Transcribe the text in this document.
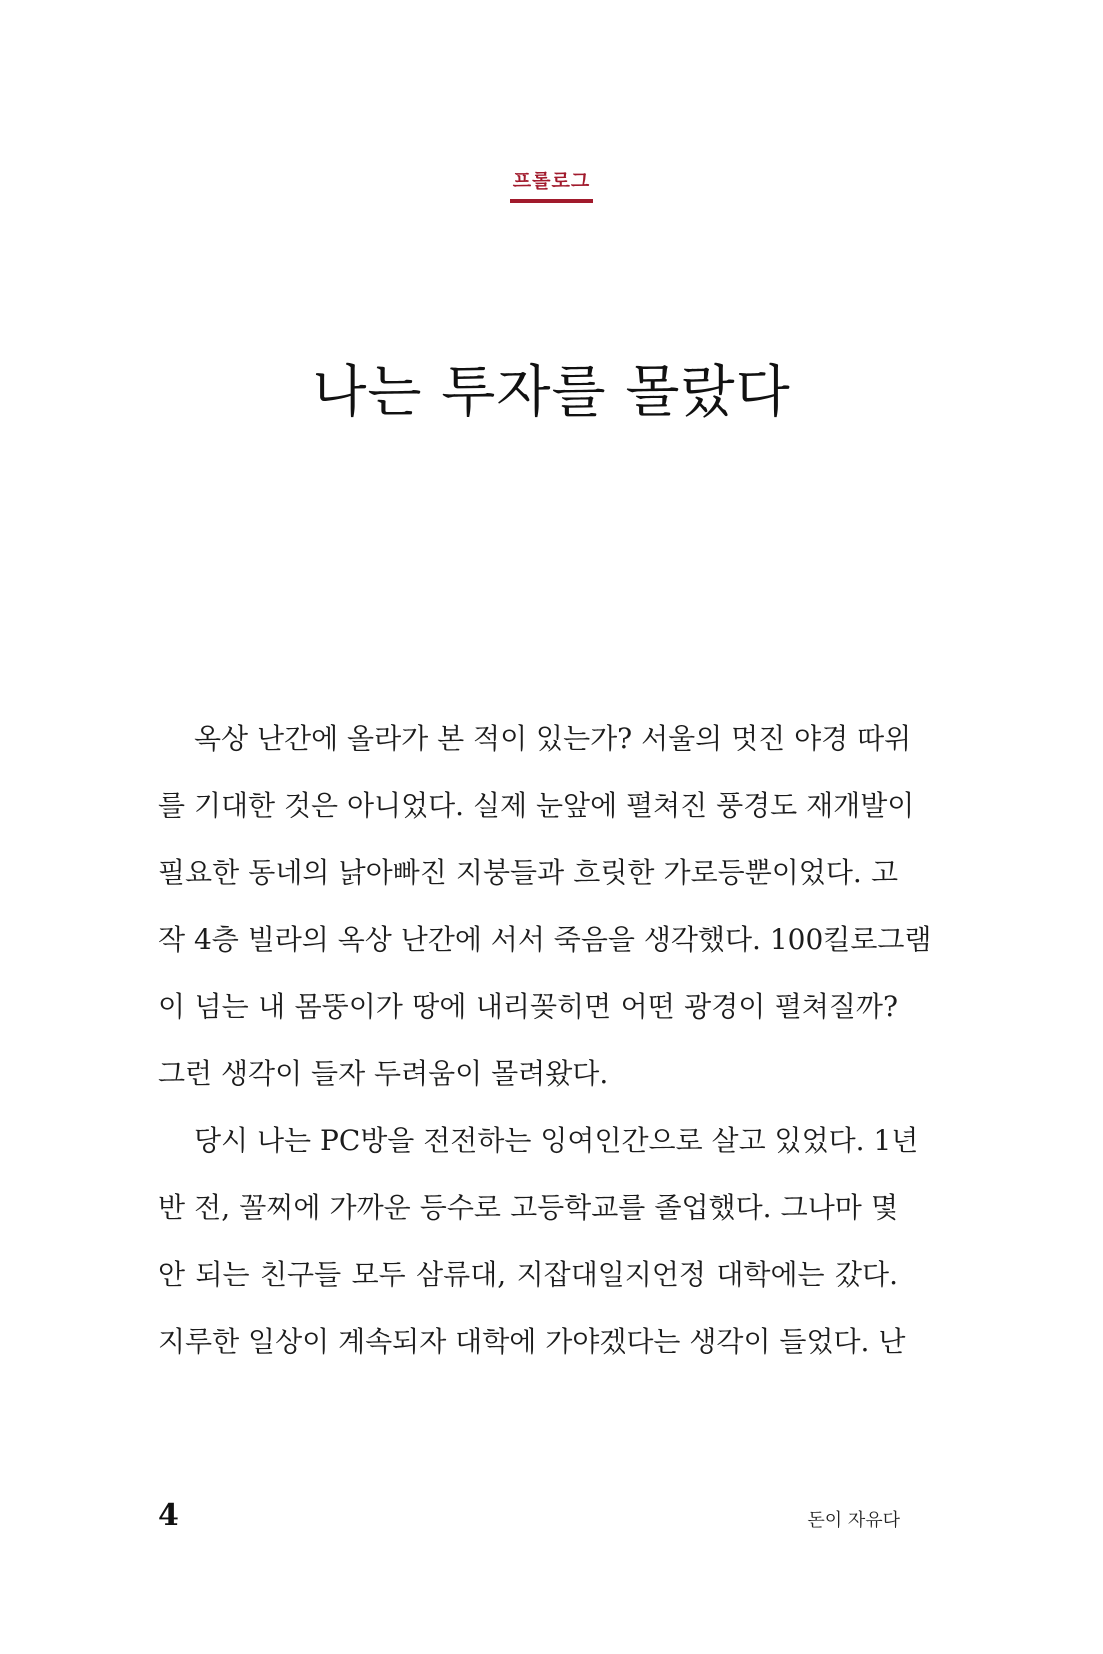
프롤로그
나는 투자를 몰랐다
옥상 난간에 올라가 본 적이 있는가? 서울의 멋진 야경 따위
를 기대한 것은 아니었다. 실제 눈앞에 펼쳐진 풍경도 재개발이
필요한 동네의 낡아빠진 지붕들과 흐릿한 가로등뿐이었다. 고
작 4층 빌라의 옥상 난간에 서서 죽음을 생각했다. 100킬로그램
이 넘는 내 몸뚱이가 땅에 내리꽂히면 어떤 광경이 펼쳐질까?
그런 생각이 들자 두려움이 몰려왔다.
당시 나는 PC방을 전전하는 잉여인간으로 살고 있었다. 1년
반 전, 꼴찌에 가까운 등수로 고등학교를 졸업했다. 그나마 몇
안 되는 친구들 모두 삼류대, 지잡대일지언정 대학에는 갔다.
지루한 일상이 계속되자 대학에 가야겠다는 생각이 들었다. 난
4	돈이 자유다
